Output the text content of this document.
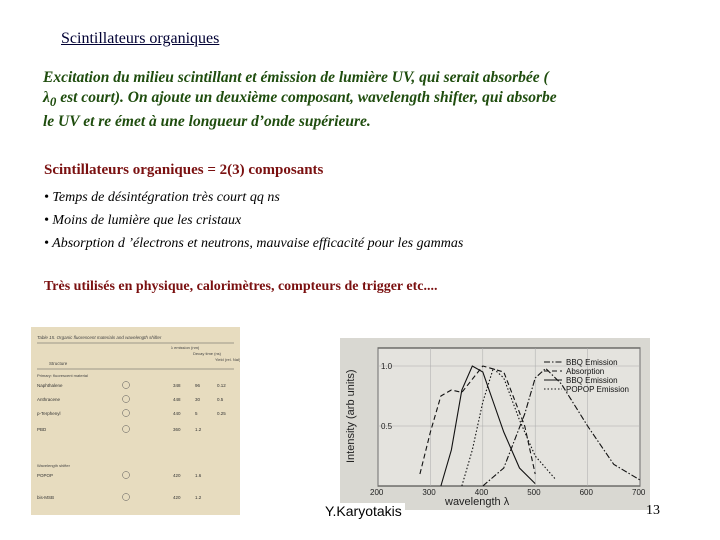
Scintillateurs organiques
Excitation du milieu scintillant et émission de lumière UV, qui serait absorbée (
$\lambda_0$ est court). On ajoute un deuxième composant, wavelength shifter, qui absorbe
le UV et re émet à une longueur d’onde supérieure.
Scintillateurs organiques = 2(3) composants
• Temps de désintégration très court qq ns
• Moins de lumière que les cristaux
• Absorption d ’électrons et neutrons, mauvaise efficacité pour les gammas
Très utilisés en physique, calorimètres, compteurs de trigger etc....
Table 15. Organic fluorescent materials and wavelength shifter
Structure
λ emission (nm)
Decay time (ns)
Yield (rel. NaI)
Primary: fluorescent material
Naphthalene	348	96	0.12
Anthracene	448	30	0.5
p-Terphenyl	440	5	0.25
PBD	360	1.2
POPOP	420	1.6
bis-MSB	420	1.2
Wavelength shifter
200	300	400	500	600	700
1.0
0.5
BBQ Emission
Absorption
BBQ Emission
POPOP Emission
Intensity (arb units)
wavelength λ
Y.Karyotakis	13
